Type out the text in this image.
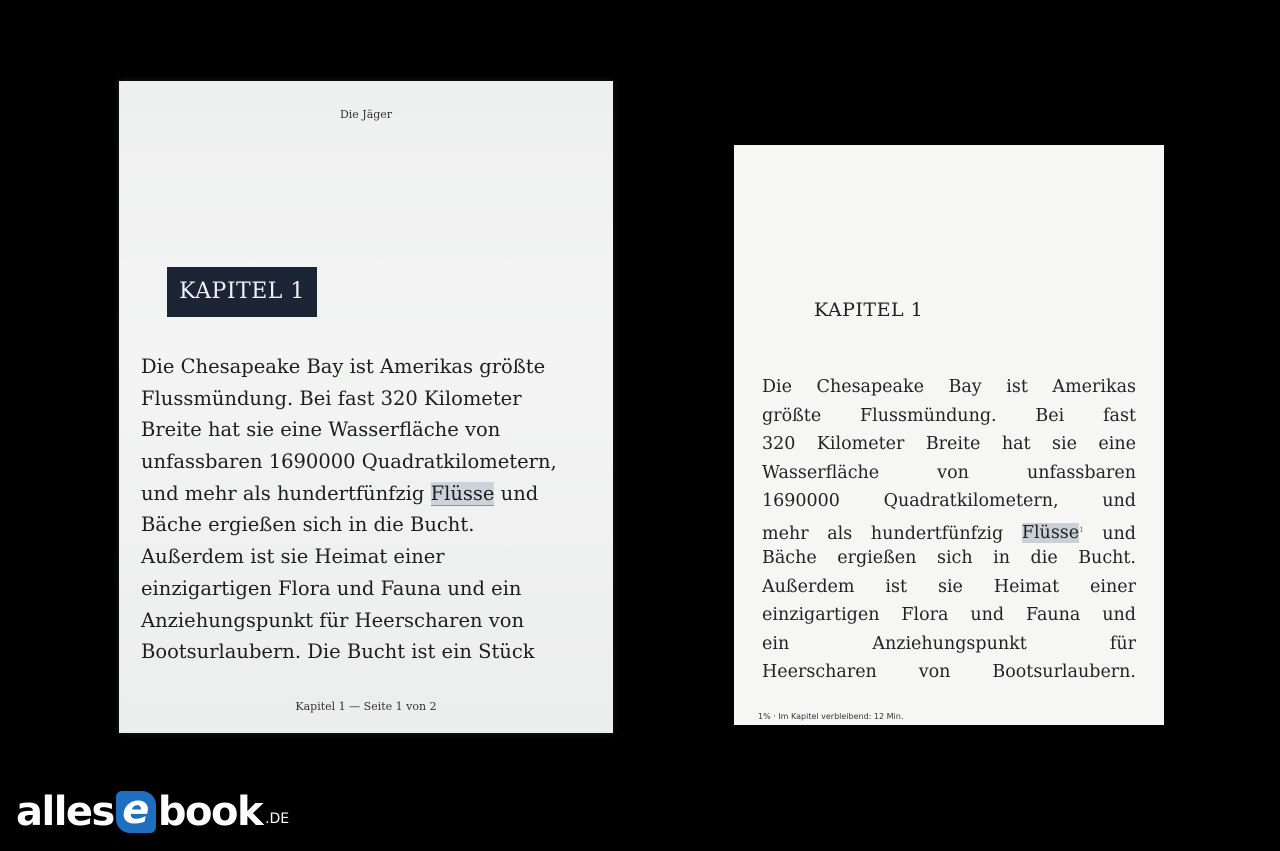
Die Jäger
KAPITEL 1
Die Chesapeake Bay ist Amerikas größte
Flussmündung. Bei fast 320 Kilometer
Breite hat sie eine Wasserfläche von
unfassbaren 1690000 Quadratkilometern,
und mehr als hundertfünfzig Flüsse und
Bäche ergießen sich in die Bucht.
Außerdem ist sie Heimat einer
einzigartigen Flora und Fauna und ein
Anziehungspunkt für Heerscharen von
Bootsurlaubern. Die Bucht ist ein Stück
Kapitel 1 — Seite 1 von 2
KAPITEL 1
Die Chesapeake Bay ist Amerikas
größte Flussmündung. Bei fast
320 Kilometer Breite hat sie eine
Wasserfläche von unfassbaren
1690000 Quadratkilometern, und
mehr als hundertfünfzig Flüsse$^1$ und
Bäche ergießen sich in die Bucht.
Außerdem ist sie Heimat einer
einzigartigen Flora und Fauna und
ein Anziehungspunkt für
Heerscharen von Bootsurlaubern.
1% · Im Kapitel verbleibend: 12 Min.
alles e book .DE
